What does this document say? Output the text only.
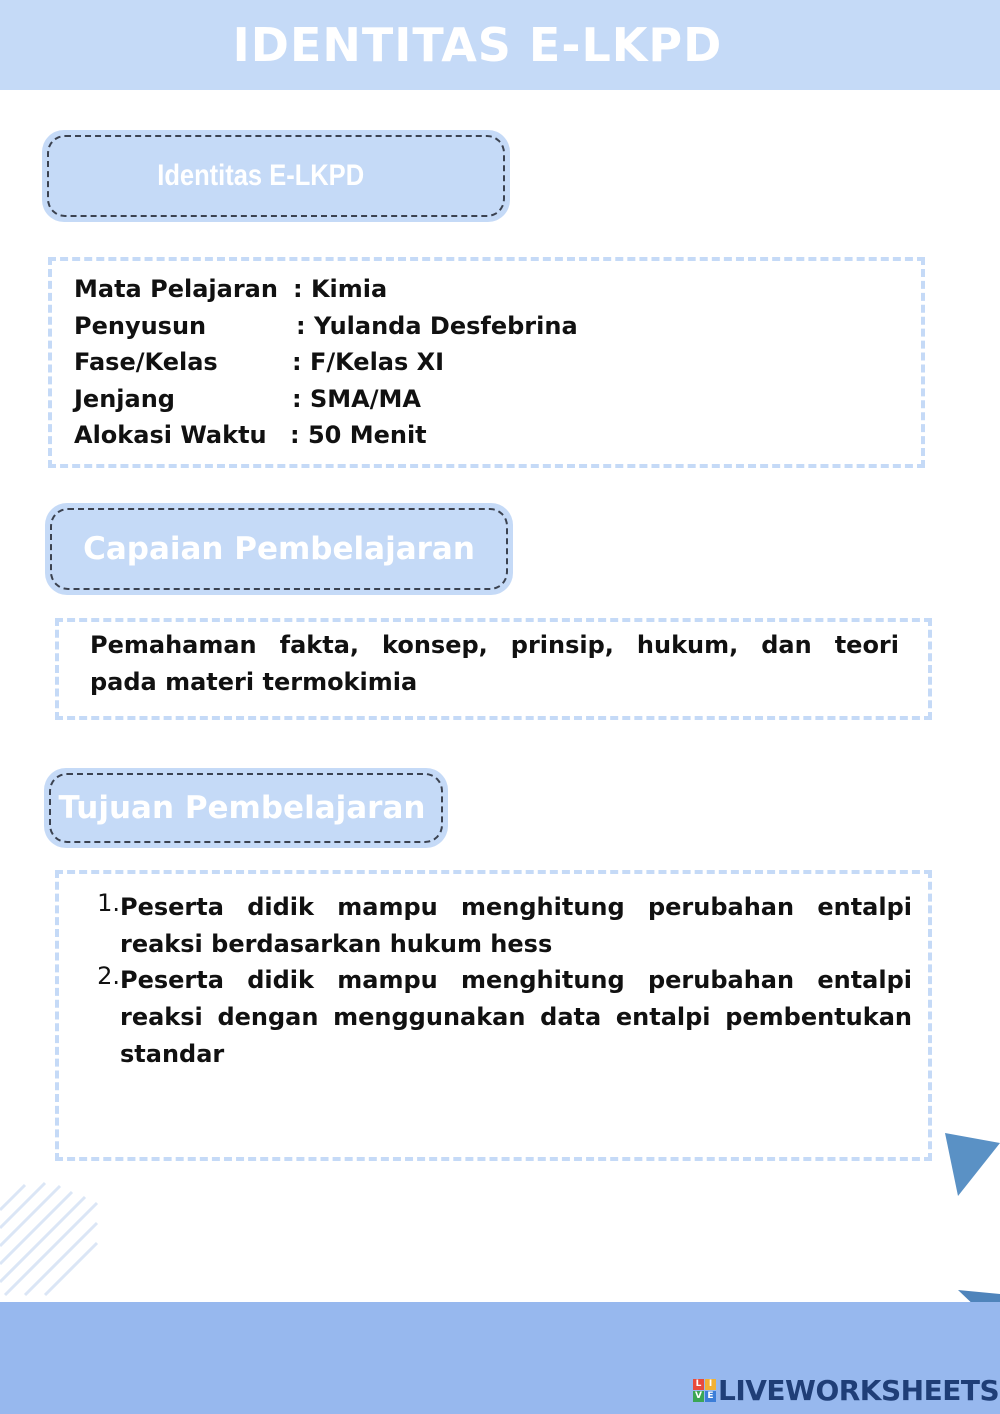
IDENTITAS E-LKPD
Identitas E-LKPD
Mata Pelajaran : Kimia
Penyusun	: Yulanda Desfebrina
Fase/Kelas	: F/Kelas XI
Jenjang	: SMA/MA
Alokasi Waktu : 50 Menit
Capaian Pembelajaran
Pemahaman fakta, konsep, prinsip, hukum, dan teori
pada materi termokimia
Tujuan Pembelajaran
1. Peserta didik mampu menghitung perubahan entalpi reaksi berdasarkan hukum hess
2. Peserta didik mampu menghitung perubahan entalpi reaksi dengan menggunakan data entalpi pembentukan standar
L I
V E LIVEWORKSHEETS
